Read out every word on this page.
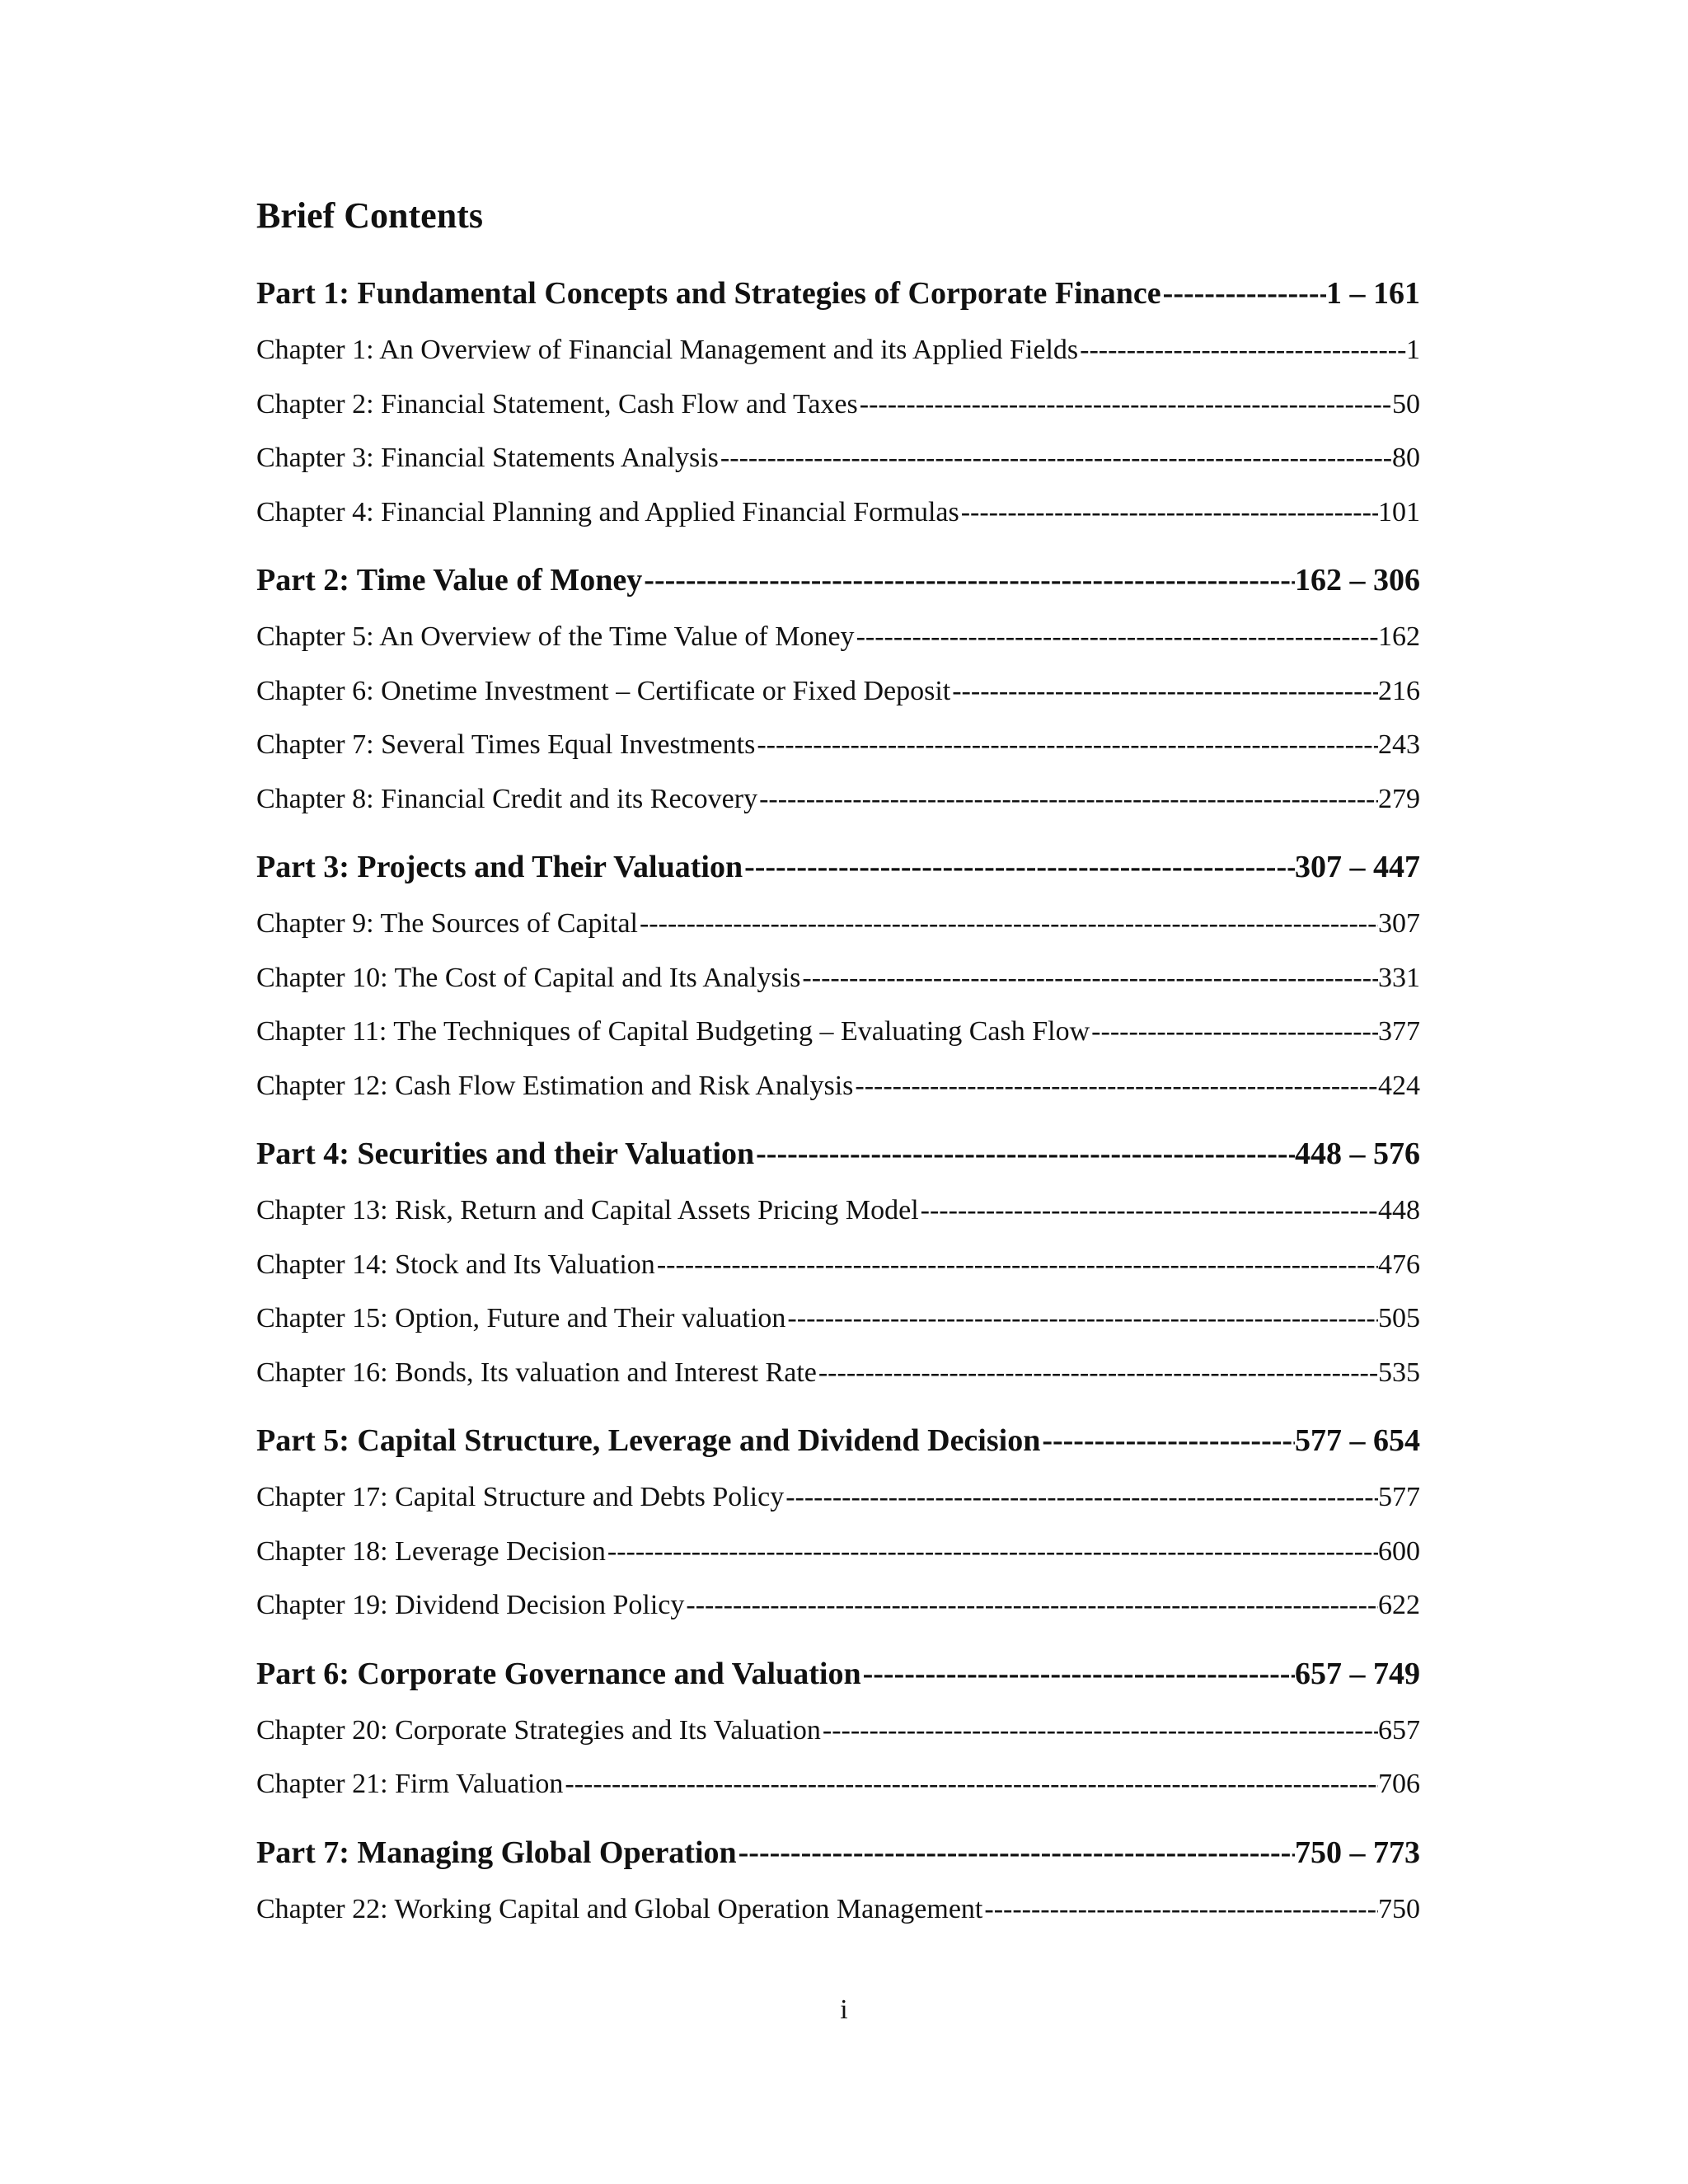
Brief Contents
Part 1: Fundamental Concepts and Strategies of Corporate Finance -----	1 – 161
Chapter 1: An Overview of Financial Management and its Applied Fields -----	1
Chapter 2: Financial Statement, Cash Flow and Taxes -----	50
Chapter 3: Financial Statements Analysis -----	80
Chapter 4: Financial Planning and Applied Financial Formulas -----	101
Part 2: Time Value of Money -----	162 – 306
Chapter 5: An Overview of the Time Value of Money -----	162
Chapter 6: Onetime Investment – Certificate or Fixed Deposit -----	216
Chapter 7: Several Times Equal Investments -----	243
Chapter 8: Financial Credit and its Recovery -----	279
Part 3: Projects and Their Valuation -----	307 – 447
Chapter 9: The Sources of Capital -----	307
Chapter 10: The Cost of Capital and Its Analysis -----	331
Chapter 11: The Techniques of Capital Budgeting – Evaluating Cash Flow -----	377
Chapter 12: Cash Flow Estimation and Risk Analysis -----	424
Part 4: Securities and their Valuation -----	448 – 576
Chapter 13: Risk, Return and Capital Assets Pricing Model -----	448
Chapter 14: Stock and Its Valuation -----	476
Chapter 15: Option, Future and Their valuation -----	505
Chapter 16: Bonds, Its valuation and Interest Rate -----	535
Part 5: Capital Structure, Leverage and Dividend Decision -----	577 – 654
Chapter 17: Capital Structure and Debts Policy -----	577
Chapter 18: Leverage Decision -----	600
Chapter 19: Dividend Decision Policy -----	622
Part 6: Corporate Governance and Valuation -----	657 – 749
Chapter 20: Corporate Strategies and Its Valuation -----	657
Chapter 21: Firm Valuation -----	706
Part 7: Managing Global Operation -----	750 – 773
Chapter 22: Working Capital and Global Operation Management -----	750
i
